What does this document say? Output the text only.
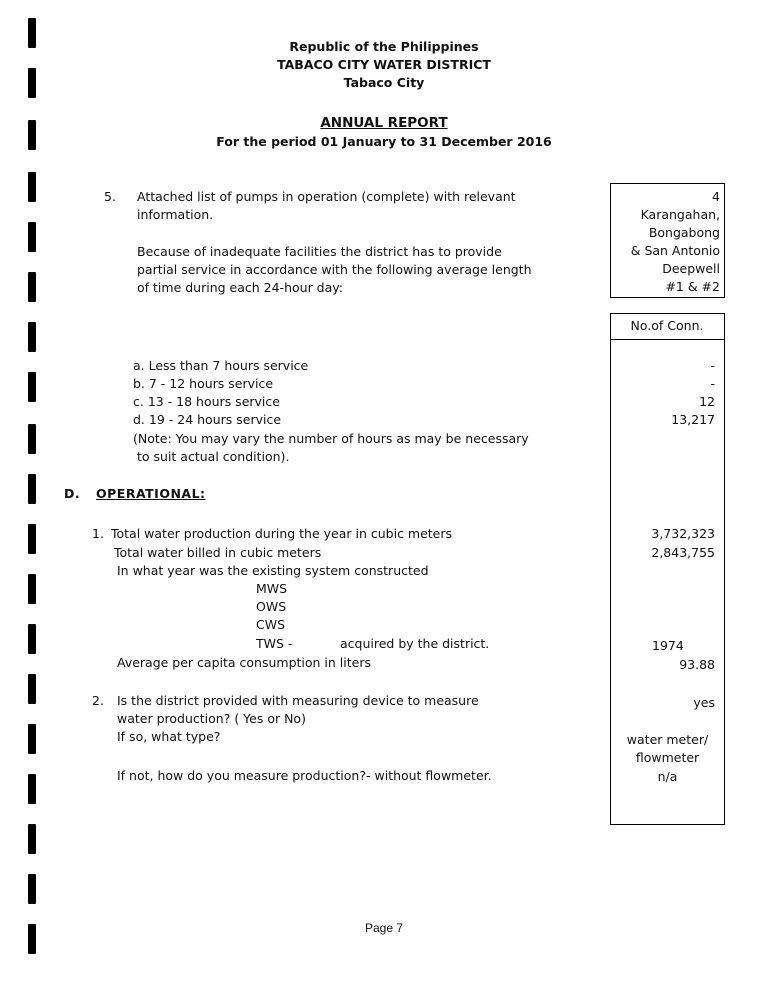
Republic of the Philippines
TABACO CITY WATER DISTRICT
Tabaco City
ANNUAL REPORT
For the period 01 January to 31 December 2016
5. Attached list of pumps in operation (complete) with relevant
information.
Because of inadequate facilities the district has to provide
partial service in accordance with the following average length
of time during each 24-hour day:
4
Karangahan,
Bongabong
& San Antonio
Deepwell
#1 & #2
No.of Conn.
a. Less than 7 hours service
b. 7 - 12 hours service
c. 13 - 18 hours service
d. 19 - 24 hours service
(Note: You may vary the number of hours as may be necessary
to suit actual condition).
-
-
12
13,217
D. OPERATIONAL:
1. Total water production during the year in cubic meters
Total water billed in cubic meters
In what year was the existing system constructed
MWS
OWS
CWS
TWS -	acquired by the district.
Average per capita consumption in liters
3,732,323
2,843,755
1974
93.88
2. Is the district provided with measuring device to measure
water production? ( Yes or No)
If so, what type?
If not, how do you measure production?- without flowmeter.
yes
water meter/
flowmeter
n/a
Page 7
